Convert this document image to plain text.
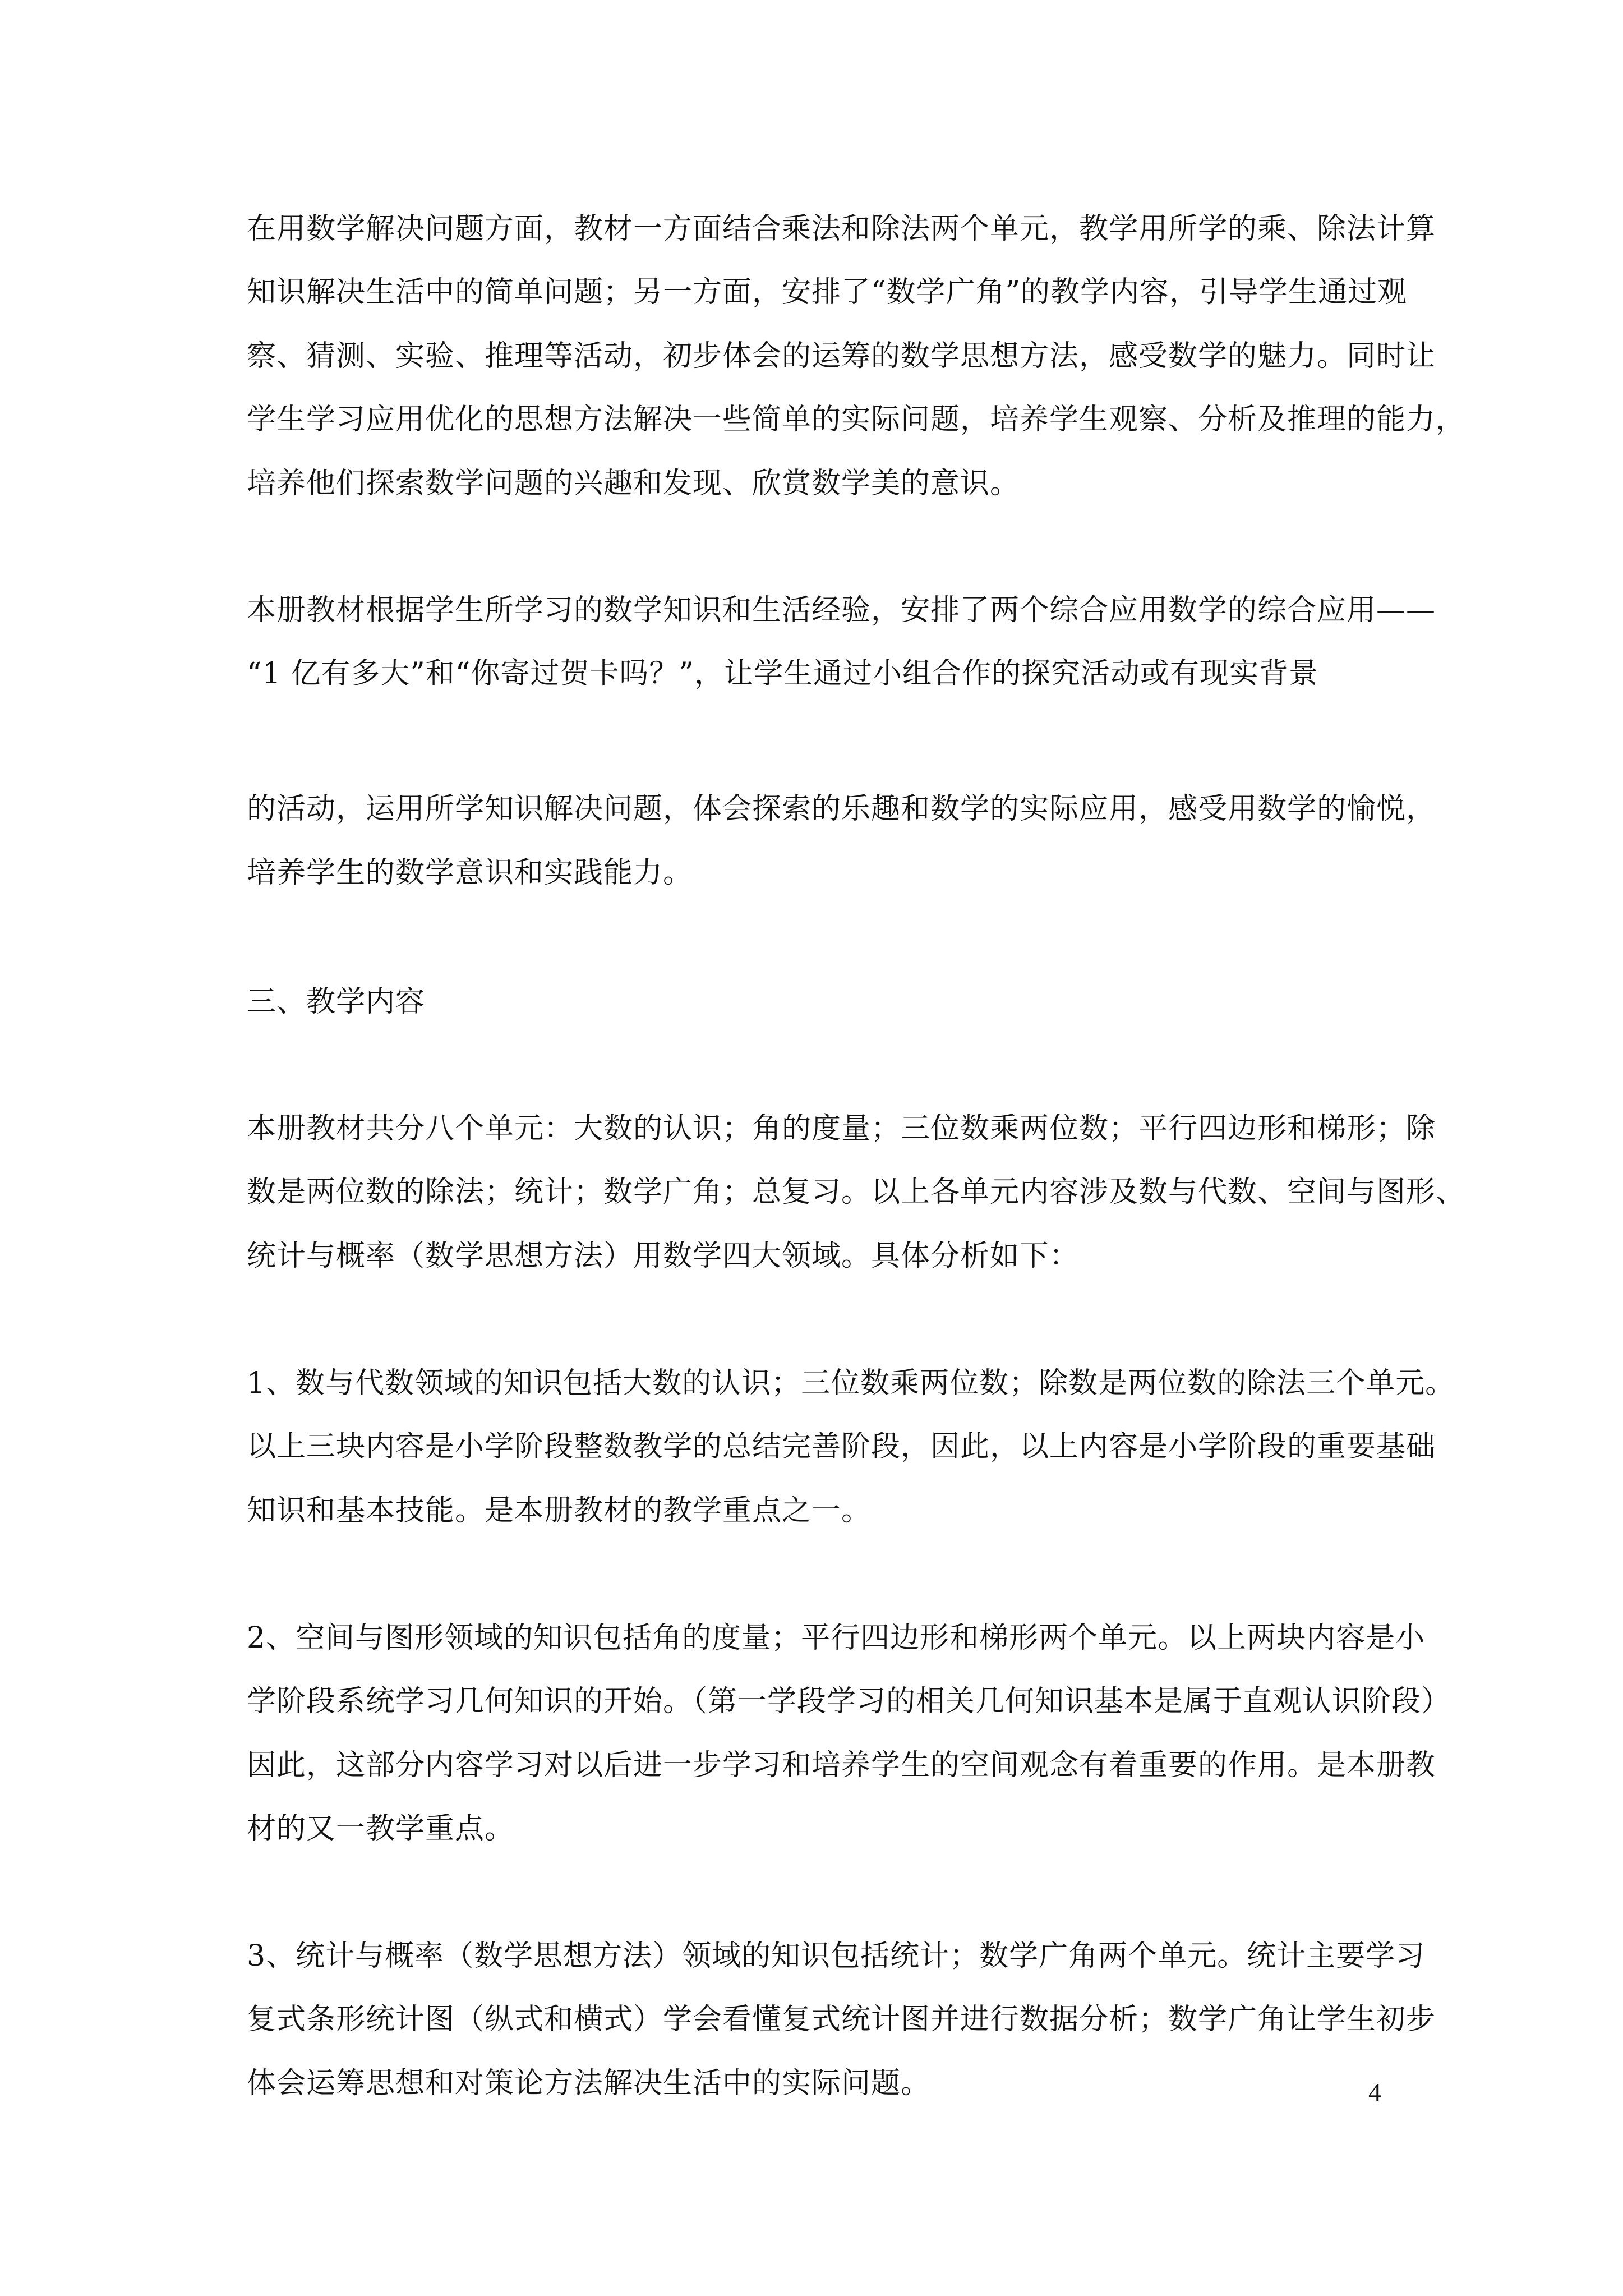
在用数学解决问题方面，教材一方面结合乘法和除法两个单元，教学用所学的乘、除法计算
知识解决生活中的简单问题；另一方面，安排了“数学广角”的教学内容，引导学生通过观
察、猜测、实验、推理等活动，初步体会的运筹的数学思想方法，感受数学的魅力。同时让
学生学习应用优化的思想方法解决一些简单的实际问题，培养学生观察、分析及推理的能力，
培养他们探索数学问题的兴趣和发现、欣赏数学美的意识。
本册教材根据学生所学习的数学知识和生活经验，安排了两个综合应用数学的综合应用——
“1 亿有多大”和“你寄过贺卡吗？”，让学生通过小组合作的探究活动或有现实背景
的活动，运用所学知识解决问题，体会探索的乐趣和数学的实际应用，感受用数学的愉悦，
培养学生的数学意识和实践能力。
三、教学内容
本册教材共分八个单元：大数的认识；角的度量；三位数乘两位数；平行四边形和梯形；除
数是两位数的除法；统计；数学广角；总复习。以上各单元内容涉及数与代数、空间与图形、
统计与概率（数学思想方法）用数学四大领域。具体分析如下：
1、数与代数领域的知识包括大数的认识；三位数乘两位数；除数是两位数的除法三个单元。
以上三块内容是小学阶段整数教学的总结完善阶段，因此，以上内容是小学阶段的重要基础
知识和基本技能。是本册教材的教学重点之一。
2、空间与图形领域的知识包括角的度量；平行四边形和梯形两个单元。以上两块内容是小
学阶段系统学习几何知识的开始。（第一学段学习的相关几何知识基本是属于直观认识阶段）
因此，这部分内容学习对以后进一步学习和培养学生的空间观念有着重要的作用。是本册教
材的又一教学重点。
3、统计与概率（数学思想方法）领域的知识包括统计；数学广角两个单元。统计主要学习
复式条形统计图（纵式和横式）学会看懂复式统计图并进行数据分析；数学广角让学生初步
体会运筹思想和对策论方法解决生活中的实际问题。	4
